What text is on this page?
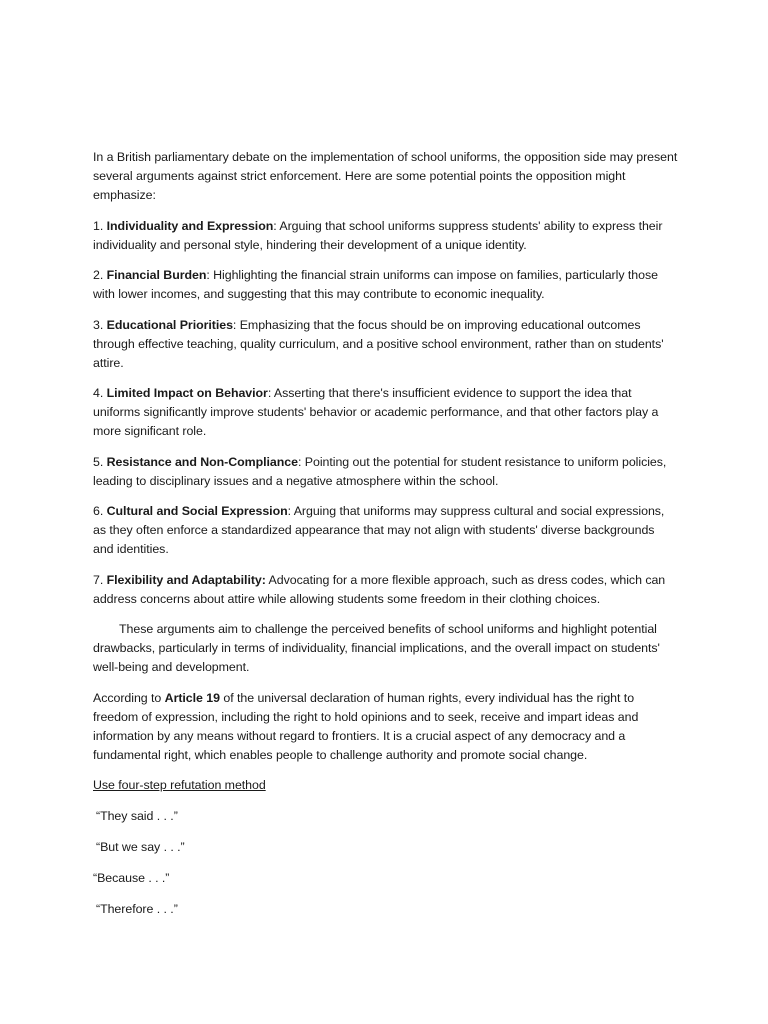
In a British parliamentary debate on the implementation of school uniforms, the opposition side may present several arguments against strict enforcement. Here are some potential points the opposition might emphasize:

1. Individuality and Expression: Arguing that school uniforms suppress students' ability to express their individuality and personal style, hindering their development of a unique identity.

2. Financial Burden: Highlighting the financial strain uniforms can impose on families, particularly those with lower incomes, and suggesting that this may contribute to economic inequality.

3. Educational Priorities: Emphasizing that the focus should be on improving educational outcomes through effective teaching, quality curriculum, and a positive school environment, rather than on students' attire.

4. Limited Impact on Behavior: Asserting that there's insufficient evidence to support the idea that uniforms significantly improve students' behavior or academic performance, and that other factors play a more significant role.

5. Resistance and Non-Compliance: Pointing out the potential for student resistance to uniform policies, leading to disciplinary issues and a negative atmosphere within the school.

6. Cultural and Social Expression: Arguing that uniforms may suppress cultural and social expressions, as they often enforce a standardized appearance that may not align with students' diverse backgrounds and identities.

7. Flexibility and Adaptability: Advocating for a more flexible approach, such as dress codes, which can address concerns about attire while allowing students some freedom in their clothing choices.

These arguments aim to challenge the perceived benefits of school uniforms and highlight potential drawbacks, particularly in terms of individuality, financial implications, and the overall impact on students' well-being and development.

According to Article 19 of the universal declaration of human rights, every individual has the right to freedom of expression, including the right to hold opinions and to seek, receive and impart ideas and information by any means without regard to frontiers. It is a crucial aspect of any democracy and a fundamental right, which enables people to challenge authority and promote social change.

Use four-step refutation method

“They said . . .”

“But we say . . .”

“Because . . .”

“Therefore . . .”
